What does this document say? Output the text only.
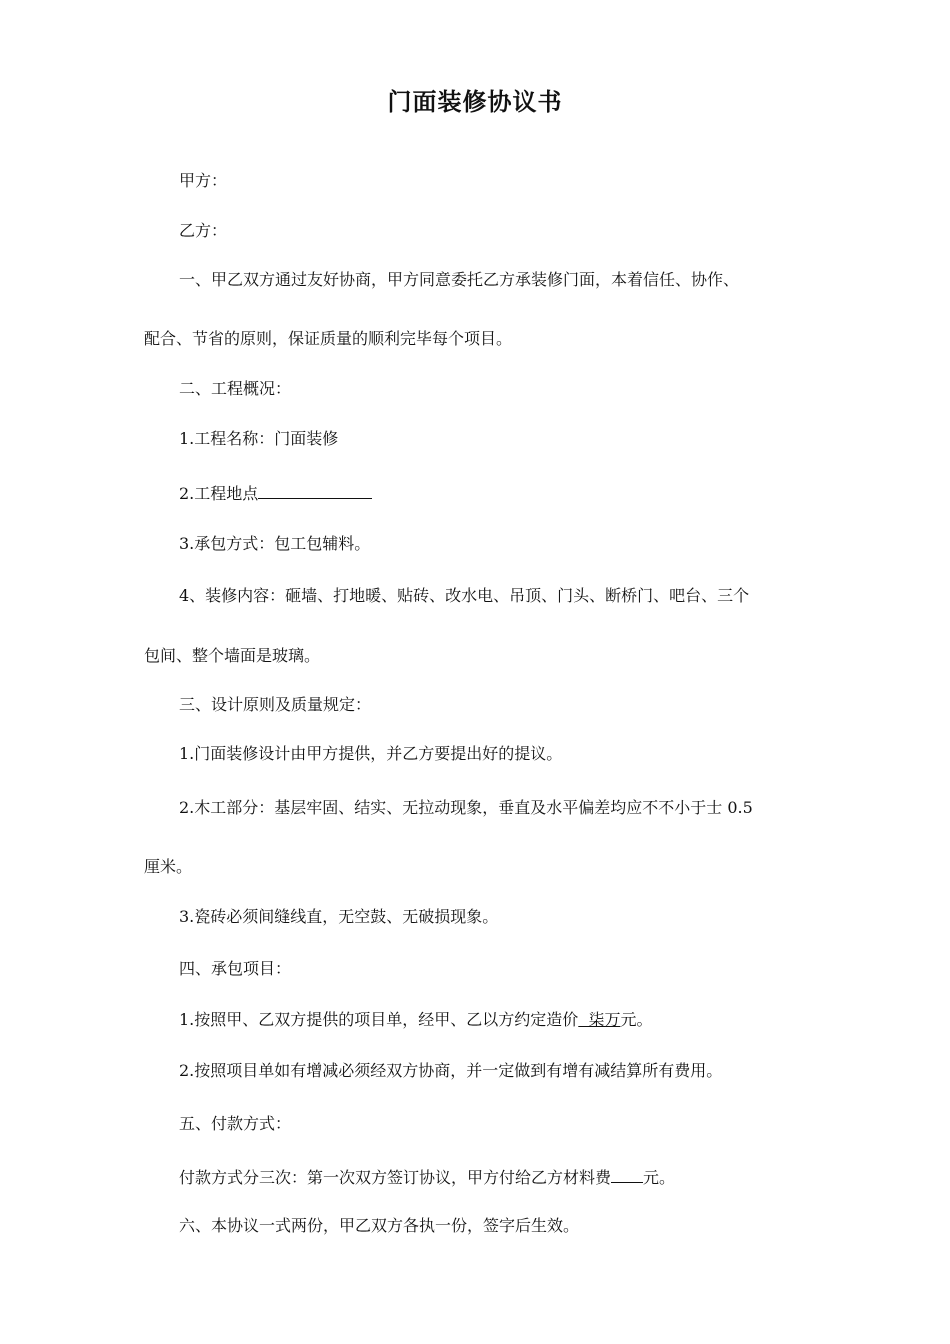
门面装修协议书
甲方：
乙方：
一、甲乙双方通过友好协商，甲方同意委托乙方承装修门面，本着信任、协作、
配合、节省的原则，保证质量的顺利完毕每个项目。
二、工程概况：
1.工程名称：门面装修
2.工程地点
3.承包方式：包工包辅料。
4、装修内容：砸墙、打地暖、贴砖、改水电、吊顶、门头、断桥门、吧台、三个
包间、整个墙面是玻璃。
三、设计原则及质量规定：
1.门面装修设计由甲方提供，并乙方要提出好的提议。
2.木工部分：基层牢固、结实、无拉动现象，垂直及水平偏差均应不不小于士 0.5
厘米。
3.瓷砖必须间缝线直，无空鼓、无破损现象。
四、承包项目：
1.按照甲、乙双方提供的项目单，经甲、乙以方约定造价  柒万元。
2.按照项目单如有增减必须经双方协商，并一定做到有增有减结算所有费用。
五、付款方式：
付款方式分三次：第一次双方签订协议，甲方付给乙方材料费 元。
六、本协议一式两份，甲乙双方各执一份，签字后生效。
